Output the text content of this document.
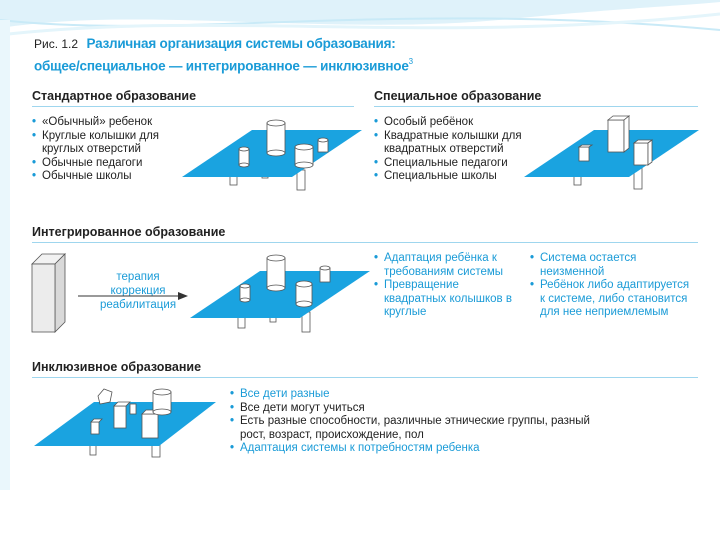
Рис. 1.2 Различная организация системы образования:
общее/специальное — интегрированное — инклюзивное$^3$
Стандартное образование
• «Обычный» ребенок
• Круглые колышки для круглых отверстий
• Обычные педагоги
• Обычные школы
Специальное образование
• Особый ребёнок
• Квадратные колышки для квадратных отверстий
• Специальные педагоги
• Специальные школы
Интегрированное образование
терапия
коррекция
реабилитация
• Адаптация ребёнка к требованиям системы
• Превращение квадратных колышков в круглые
• Система остается неизменной
• Ребёнок либо адаптируется к системе, либо становится для нее неприемлемым
Инклюзивное образование
• Все дети разные
• Все дети могут учиться
• Есть разные способности, различные этнические группы, разный рост, возраст, происхождение, пол
• Адаптация системы к потребностям ребенка
